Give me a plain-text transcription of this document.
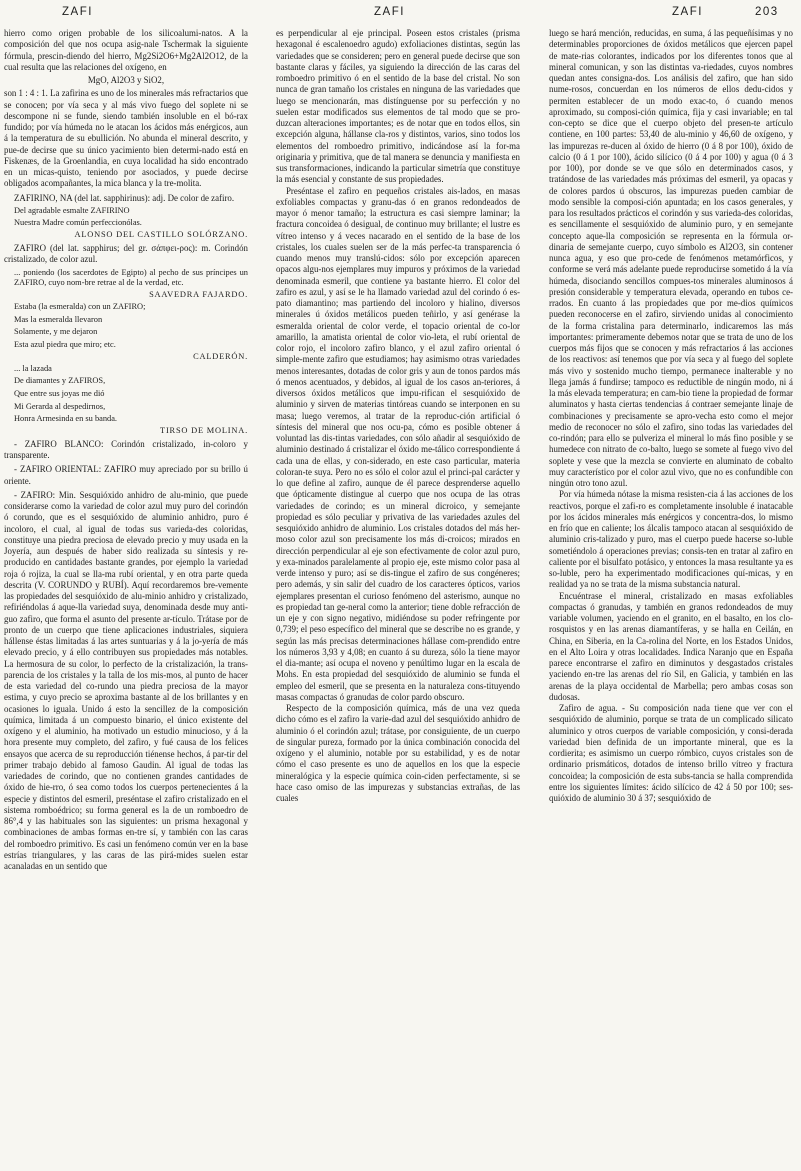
ZAFI	ZAFI	ZAFI	203

hierro como origen probable de los silicoalumi-natos. A la composición del que nos ocupa asig-nale Tschermak la siguiente fórmula, prescin-diendo del hierro, Mg2Si2O6+Mg2Al2O12, de la cual resulta que las relaciones del oxígeno, en

MgO, Al2O3 y SiO2,

son 1 : 4 : 1. La zafirina es uno de los minerales más refractarios que se conocen; por vía seca y al más vivo fuego del soplete ni se descompone ni se funde, siendo también insoluble en el bó-rax fundido; por vía húmeda no le atacan los ácidos más enérgicos, aun á la temperatura de su ebullición. No abunda el mineral descrito, y pue-de decirse que su único yacimiento bien determi-nado está en Fiskenæs, de la Groenlandia, en cuya localidad ha sido encontrado en un micas-quisto, teniendo por asociados, y puede decirse obligados acompañantes, la mica blanca y la tre-molita.

ZAFIRINO, NA (del lat. sapphirinus): adj. De color de zafiro.

Del agradable esmalte ZAFIRINO

Nuestra Madre común perfeccionólas.

ALONSO DEL CASTILLO SOLÓRZANO.

ZAFIRO (del lat. sapphirus; del gr. σάπφει-ρος): m. Corindón cristalizado, de color azul.

... poniendo (los sacerdotes de Egipto) al pecho de sus príncipes un ZAFIRO, cuyo nom-bre retrae al de la verdad, etc.

SAAVEDRA FAJARDO.

Estaba (la esmeralda) con un ZAFIRO;

Mas la esmeralda llevaron

Solamente, y me dejaron

Esta azul piedra que miro; etc.

CALDERÓN.

... la lazada

De diamantes y ZAFIROS,

Que entre sus joyas me dió

Mi Gerarda al despedirnos,

Honra Armesinda en su banda.

TIRSO DE MOLINA.

- ZAFIRO BLANCO: Corindón cristalizado, in-coloro y transparente.

- ZAFIRO ORIENTAL: ZAFIRO muy apreciado por su brillo ú oriente.

- ZAFIRO: Min. Sesquióxido anhidro de alu-minio, que puede considerarse como la variedad de color azul muy puro del corindón ó corundo, que es el sesquióxido de aluminio anhidro, puro é incoloro, el cual, al igual de todas sus varieda-des coloridas, constituye una piedra preciosa de elevado precio y muy usada en la Joyería, aun después de haber sido realizada su síntesis y re-producido en cantidades bastante grandes, por ejemplo la variedad roja ó rojiza, la cual se lla-ma rubí oriental, y en otra parte queda descrita (V. CORUNDO y RUBÍ). Aquí recordaremos bre-vemente las propiedades del sesquióxido de alu-minio anhidro y cristalizado, refiriéndolas á aque-lla variedad suya, denominada desde muy anti-guo zafiro, que forma el asunto del presente ar-tículo. Trátase por de pronto de un cuerpo que tiene aplicaciones industriales, siquiera hállense éstas limitadas á las artes suntuarias y á la jo-yería de más elevado precio, y á ello contribuyen sus propiedades más notables. La hermosura de su color, lo perfecto de la cristalización, la trans-parencia de los cristales y la talla de los mis-mos, al punto de hacer de esta variedad del co-rundo una piedra preciosa de la mayor estima, y cuyo precio se aproxima bastante al de los brillantes y en ocasiones lo iguala. Unido á esto la sencillez de la composición química, limitada á un compuesto binario, el único existente del oxígeno y el aluminio, ha motivado un estudio minucioso, y á la hora presente muy completo, del zafiro, y fué causa de los felices ensayos que acerca de su reproducción tiénense hechos, á par-tir del primer trabajo debido al famoso Gaudin. Al igual de todas las variedades de corindo, que no contienen grandes cantidades de óxido de hie-rro, ó sea como todos los cuerpos pertenecientes á la especie y distintos del esmeril, preséntase el zafiro cristalizado en el sistema romboédrico; su forma general es la de un romboedro de 86°,4 y las habituales son las siguientes: un prisma hexagonal y combinaciones de ambas formas en-tre sí, y también con las caras del romboedro primitivo. Es casi un fenómeno común ver en la base estrías triangulares, y las caras de las pirá-mides suelen estar acanaladas en un sentido que

es perpendicular al eje principal. Poseen estos cristales (prisma hexagonal é escalenoedro agudo) exfoliaciones distintas, según las variedades que se consideren; pero en general puede decirse que son bastante claras y fáciles, ya siguiendo la dirección de las caras del romboedro primitivo ó en el sentido de la base del cristal. No son nunca de gran tamaño los cristales en ninguna de las variedades que luego se mencionarán, mas distínguense por su perfección y no suelen estar modificados sus elementos de tal modo que se pro-duzcan alteraciones importantes; es de notar que en todos ellos, sin excepción alguna, hállanse cla-ros y distintos, varios, sino todos los elementos del romboedro primitivo, indicándose así la for-ma originaria y primitiva, que de tal manera se denuncia y manifiesta en sus transformaciones, indicando la particular simetría que constituye la más esencial y constante de sus propiedades.

Preséntase el zafiro en pequeños cristales ais-lados, en masas exfoliables compactas y granu-das ó en granos redondeados de mayor ó menor tamaño; la estructura es casi siempre laminar; la fractura concoidea ó desigual, de continuo muy brillante; el lustre es vítreo intenso y á veces nacarado en el sentido de la base de los cristales, los cuales suelen ser de la más perfec-ta transparencia ó cuando menos muy translú-cidos: sólo por excepción aparecen opacos algu-nos ejemplares muy impuros y próximos de la variedad denominada esmeril, que contiene ya bastante hierro. El color del zafiro es azul, y así se le ha llamado variedad azul del corindo ó es-pato diamantino; mas partiendo del incoloro y hialino, diversos minerales ú óxidos metálicos pueden teñirlo, y así genérase la esmeralda oriental de color verde, el topacio oriental de co-lor amarillo, la amatista oriental de color vio-leta, el rubí oriental de color rojo, el incoloro zafiro blanco, y el azul zafiro oriental ó simple-mente zafiro que estudiamos; hay asimismo otras variedades menos interesantes, dotadas de color gris y aun de tonos pardos más ó menos acentuados, y debidos, al igual de los casos an-teriores, á diversos óxidos metálicos que impu-rifican el sesquióxido de aluminio y sirven de materias tintóreas cuando se interponen en su masa; luego veremos, al tratar de la reproduc-ción artificial ó síntesis del mineral que nos ocu-pa, cómo es posible obtener á voluntad las dis-tintas variedades, con sólo añadir al sesquióxido de aluminio destinado á cristalizar el óxido me-tálico correspondiente á cada una de ellas, y con-siderado, en este caso particular, materia coloran-te suya. Pero no es sólo el color azul el princi-pal carácter y lo que define al zafiro, aunque de él parece desprenderse aquello que ópticamente distingue al cuerpo que nos ocupa de las otras variedades de corindo; es un mineral dicroico, y semejante propiedad es sólo peculiar y privativa de las variedades azules del sesquióxido anhidro de aluminio. Los cristales dotados del más her-moso color azul son precisamente los más di-croicos; mirados en dirección perpendicular al eje son efectivamente de color azul puro, y exa-minados paralelamente al propio eje, este mismo color pasa al verde intenso y puro; así se dis-tingue el zafiro de sus congéneres; pero además, y sin salir del cuadro de los caracteres ópticos, varios ejemplares presentan el curioso fenómeno del asterismo, aunque no es propiedad tan ge-neral como la anterior; tiene doble refracción de un eje y con signo negativo, midiéndose su poder refringente por 0,739; el peso específico del mineral que se describe no es grande, y según las más precisas determinaciones hállase com-prendido entre los números 3,93 y 4,08; en cuanto á su dureza, sólo la tiene mayor el dia-mante; así ocupa el noveno y penúltimo lugar en la escala de Mohs. En esta propiedad del sesquióxido de aluminio se funda el empleo del esmeril, que se presenta en la naturaleza cons-tituyendo masas compactas ó granudas de color pardo obscuro.

Respecto de la composición química, más de una vez queda dicho cómo es el zafiro la varie-dad azul del sesquióxido anhidro de aluminio ó el corindón azul; trátase, por consiguiente, de un cuerpo de singular pureza, formado por la única combinación conocida del oxígeno y el aluminio, notable por su estabilidad, y es de notar cómo el caso presente es uno de aquellos en los que la especie mineralógica y la especie química coin-ciden perfectamente, si se hace caso omiso de las impurezas y substancias extrañas, de las cuales

luego se hará mención, reducidas, en suma, á las pequeñísimas y no determinables proporciones de óxidos metálicos que ejercen papel de mate-rias colorantes, indicados por los diferentes tonos que al mineral comunican, y son las distintas va-riedades, cuyos nombres quedan antes consigna-dos. Los análisis del zafiro, que han sido nume-rosos, concuerdan en los números de ellos dedu-cidos y permiten establecer de un modo exac-to, ó cuando menos aproximado, su composi-ción química, fija y casi invariable; en tal con-cepto se dice que el cuerpo objeto del presen-te artículo contiene, en 100 partes: 53,40 de alu-minio y 46,60 de oxígeno, y las impurezas re-ducen al óxido de hierro (0 á 8 por 100), óxido de calcio (0 á 1 por 100), ácido silícico (0 á 4 por 100) y agua (0 á 3 por 100), por donde se ve que sólo en determinados casos, y tratándose de las variedades más próximas del esmeril, ya opacas y de colores pardos ú obscuros, las impurezas pueden cambiar de modo sensible la composi-ción apuntada; en los casos generales, y para los resultados prácticos el corindón y sus varieda-des coloridas, es sencillamente el sesquióxido de aluminio puro, y en semejante concepto aque-lla composición se representa en la fórmula or-dinaria de semejante cuerpo, cuyo símbolo es Al2O3, sin contener nunca agua, y eso que pro-cede de fenómenos metamórficos, y conforme se verá más adelante puede reproducirse sometido á la vía húmeda, disociando sencillos compues-tos minerales aluminosos á presión considerable y temperatura elevada, operando en tubos ce-rrados. En cuanto á las propiedades que por me-dios químicos pueden reconocerse en el zafiro, sirviendo unidas al conocimiento de la forma cristalina para determinarlo, indicaremos las más importantes: primeramente debemos notar que se trata de uno de los cuerpos más fijos que se conocen y más refractarios á las acciones de los reactivos: así tenemos que por vía seca y al fuego del soplete más vivo y sostenido mucho tiempo, permanece inalterable y no llega jamás á fundirse; tampoco es reductible de ningún modo, ni á la más elevada temperatura; en cam-bio tiene la propiedad de formar aluminatos y hasta ciertas tendencias á contraer semejante linaje de combinaciones y precisamente se apro-vecha esto como el mejor medio de reconocer no sólo el zafiro, sino todas las variedades del co-rindón; para ello se pulveriza el mineral lo más fino posible y se humedece con nitrato de co-balto, luego se somete al fuego vivo del soplete y vese que la mezcla se convierte en aluminato de cobalto muy característico por el color azul vivo, que no es confundible con ningún otro tono azul.

Por vía húmeda nótase la misma resisten-cia á las acciones de los reactivos, porque el zafi-ro es completamente insoluble é inatacable por los ácidos minerales más enérgicos y concentra-dos, lo mismo en frío que en caliente; los álcalis tampoco atacan al sesquióxido de aluminio cris-talizado y puro, mas el cuerpo puede hacerse so-luble sometiéndolo á operaciones previas; consis-ten en tratar al zafiro en caliente por el bisulfato potásico, y entonces la masa resultante ya es so-luble, pero ha experimentado modificaciones quí-micas, y en realidad ya no se trata de la misma substancia natural.

Encuéntrase el mineral, cristalizado en masas exfoliables compactas ó granudas, y también en granos redondeados de muy variable volumen, yaciendo en el granito, en el basalto, en los clo-rosquistos y en las arenas diamantíferas, y se halla en Ceilán, en China, en Siberia, en la Ca-rolina del Norte, en los Estados Unidos, en el Alto Loira y otras localidades. Indica Naranjo que en España parece encontrarse el zafiro en diminutos y desgastados cristales yaciendo en-tre las arenas del río Sil, en Galicia, y también en las arenas de la playa occidental de Marbella; pero ambas cosas son dudosas.

Zafiro de agua. - Su composición nada tiene que ver con el sesquióxido de aluminio, porque se trata de un complicado silicato aluminico y otros cuerpos de variable composición, y consi-derada variedad bien definida de un importante mineral, que es la cordierita; es asimismo un cuerpo rómbico, cuyos cristales son de ordinario prismáticos, dotados de intenso brillo vítreo y fractura concoidea; la composición de esta subs-tancia se halla comprendida entre los siguientes límites: ácido silícico de 42 á 50 por 100; ses-quióxido de aluminio 30 á 37; sesquióxido de
